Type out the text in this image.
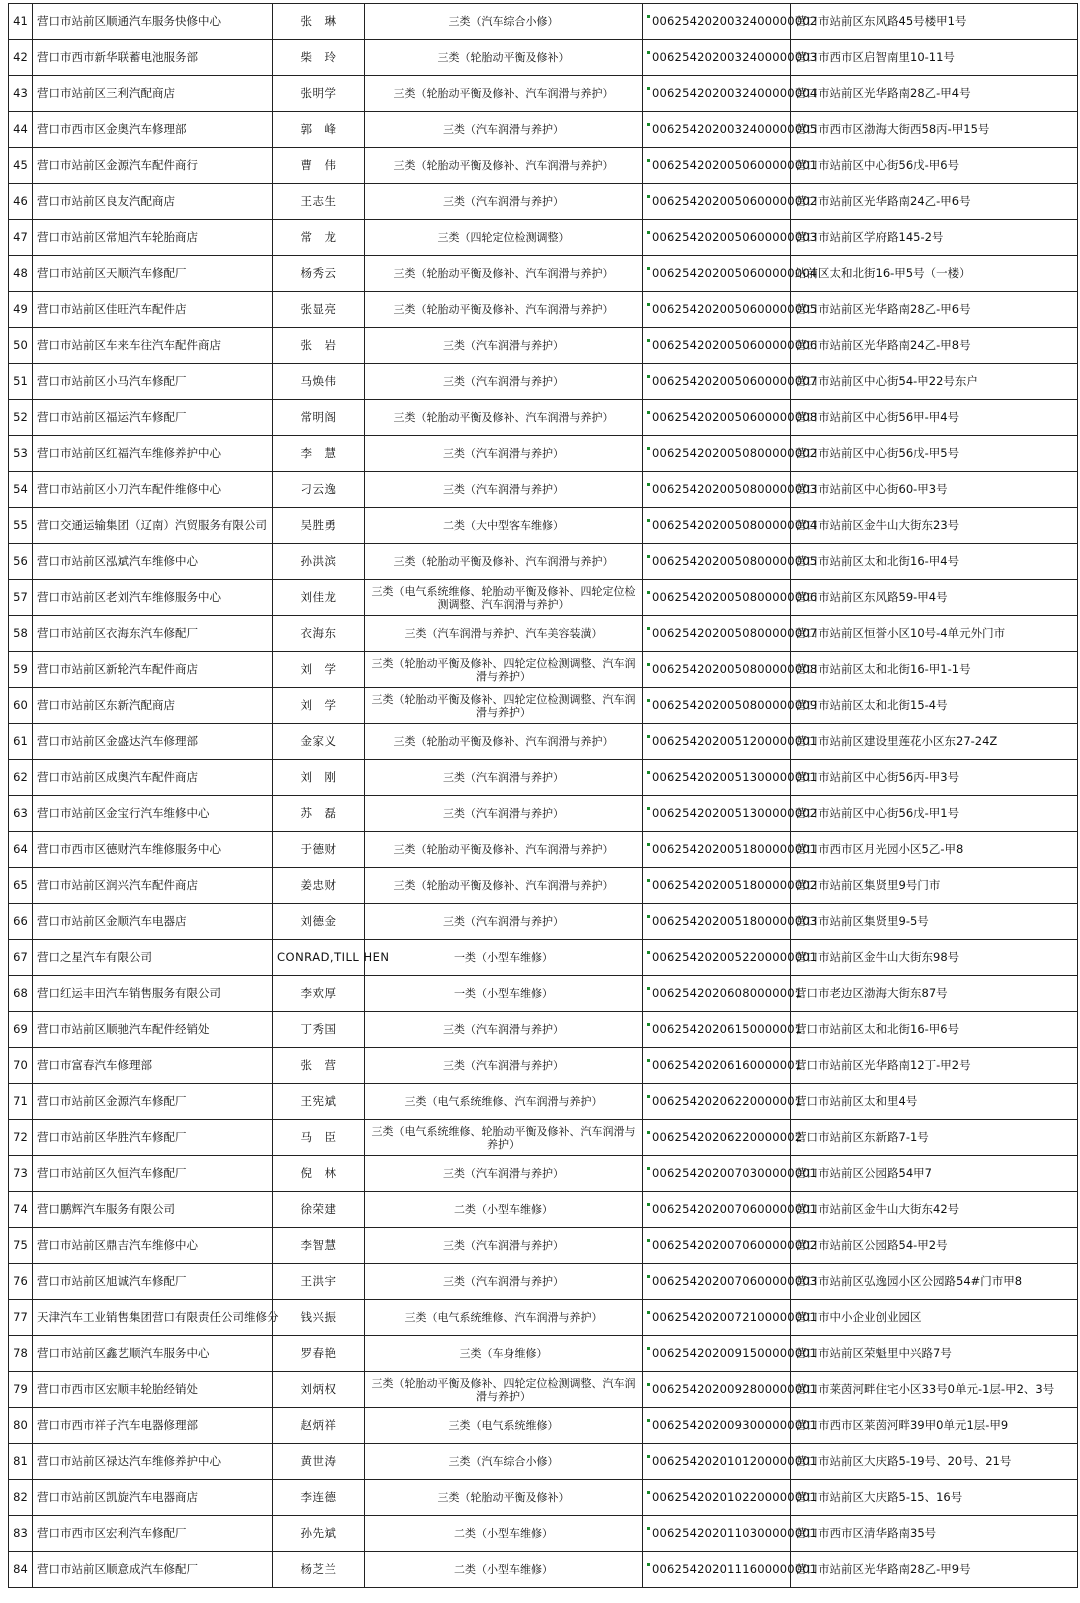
41	营口市站前区顺通汽车服务快修中心	张　琳	三类（汽车综合小修）	0062542020032400000002	营口市站前区东风路45号楼甲1号
42	营口市西市新华联蓄电池服务部	柴　玲	三类（轮胎动平衡及修补）	0062542020032400000003	营口市西市区启智南里10-11号
43	营口市站前区三利汽配商店	张明学	三类（轮胎动平衡及修补、汽车润滑与养护）	0062542020032400000004	营口市站前区光华路南28乙-甲4号
44	营口市西市区金奥汽车修理部	郭　峰	三类（汽车润滑与养护）	0062542020032400000005	营口市西市区渤海大街西58丙-甲15号
45	营口市站前区金源汽车配件商行	曹　伟	三类（轮胎动平衡及修补、汽车润滑与养护）	0062542020050600000001	营口市站前区中心街56戊-甲6号
46	营口市站前区良友汽配商店	王志生	三类（汽车润滑与养护）	0062542020050600000002	营口市站前区光华路南24乙-甲6号
47	营口市站前区常旭汽车轮胎商店	常　龙	三类（四轮定位检测调整）	0062542020050600000003	营口市站前区学府路145-2号
48	营口市站前区天顺汽车修配厂	杨秀云	三类（轮胎动平衡及修补、汽车润滑与养护）	0062542020050600000004	站前区太和北街16-甲5号（一楼）
49	营口市站前区佳旺汽车配件店	张显亮	三类（轮胎动平衡及修补、汽车润滑与养护）	0062542020050600000005	营口市站前区光华路南28乙-甲6号
50	营口市站前区车来车往汽车配件商店	张　岩	三类（汽车润滑与养护）	0062542020050600000006	营口市站前区光华路南24乙-甲8号
51	营口市站前区小马汽车修配厂	马焕伟	三类（汽车润滑与养护）	0062542020050600000007	营口市站前区中心街54-甲22号东户
52	营口市站前区福运汽车修配厂	常明阁	三类（轮胎动平衡及修补、汽车润滑与养护）	0062542020050600000008	营口市站前区中心街56甲-甲4号
53	营口市站前区红福汽车维修养护中心	李　慧	三类（汽车润滑与养护）	0062542020050800000002	营口市站前区中心街56戊-甲5号
54	营口市站前区小刀汽车配件维修中心	刁云逸	三类（汽车润滑与养护）	0062542020050800000003	营口市站前区中心街60-甲3号
55	营口交通运输集团（辽南）汽贸服务有限公司	吴胜勇	二类（大中型客车维修）	0062542020050800000004	营口市站前区金牛山大街东23号
56	营口市站前区泓斌汽车维修中心	孙洪滨	三类（轮胎动平衡及修补、汽车润滑与养护）	0062542020050800000005	营口市站前区太和北街16-甲4号
57	营口市站前区老刘汽车维修服务中心	刘佳龙	三类（电气系统维修、轮胎动平衡及修补、四轮定位检测调整、汽车润滑与养护）	0062542020050800000006	营口市站前区东风路59-甲4号
58	营口市站前区衣海东汽车修配厂	衣海东	三类（汽车润滑与养护、汽车美容装潢）	0062542020050800000007	营口市站前区恒誉小区10号-4单元外门市
59	营口市站前区新轮汽车配件商店	刘　学	三类（轮胎动平衡及修补、四轮定位检测调整、汽车润滑与养护）	0062542020050800000008	营口市站前区太和北街16-甲1-1号
60	营口市站前区东新汽配商店	刘　学	三类（轮胎动平衡及修补、四轮定位检测调整、汽车润滑与养护）	0062542020050800000009	营口市站前区太和北街15-4号
61	营口市站前区金盛达汽车修理部	金家义	三类（轮胎动平衡及修补、汽车润滑与养护）	0062542020051200000001	营口市站前区建设里莲花小区东27-24Z
62	营口市站前区成奥汽车配件商店	刘　刚	三类（汽车润滑与养护）	0062542020051300000001	营口市站前区中心街56丙-甲3号
63	营口市站前区金宝行汽车维修中心	苏　磊	三类（汽车润滑与养护）	0062542020051300000002	营口市站前区中心街56戊-甲1号
64	营口市西市区德财汽车维修服务中心	于德财	三类（轮胎动平衡及修补、汽车润滑与养护）	0062542020051800000001	营口市西市区月光园小区5乙-甲8
65	营口市站前区润兴汽车配件商店	姜忠财	三类（轮胎动平衡及修补、汽车润滑与养护）	0062542020051800000002	营口市站前区集贤里9号门市
66	营口市站前区金顺汽车电器店	刘德金	三类（汽车润滑与养护）	0062542020051800000003	营口市站前区集贤里9-5号
67	营口之星汽车有限公司	CONRAD,TILL HEN	一类（小型车维修）	0062542020052200000001	营口市站前区金牛山大街东98号
68	营口红运丰田汽车销售服务有限公司	李欢厚	一类（小型车维修）	00625420206080000001	营口市老边区渤海大街东87号
69	营口市站前区顺驰汽车配件经销处	丁秀国	三类（汽车润滑与养护）	00625420206150000001	营口市站前区太和北街16-甲6号
70	营口市富春汽车修理部	张　营	三类（汽车润滑与养护）	00625420206160000001	营口市站前区光华路南12丁-甲2号
71	营口市站前区金源汽车修配厂	王宪斌	三类（电气系统维修、汽车润滑与养护）	00625420206220000001	营口市站前区太和里4号
72	营口市站前区华胜汽车修配厂	马　臣	三类（电气系统维修、轮胎动平衡及修补、汽车润滑与养护）	00625420206220000002	营口市站前区东新路7-1号
73	营口市站前区久恒汽车修配厂	倪　林	三类（汽车润滑与养护）	0062542020070300000001	营口市站前区公园路54甲7
74	营口鹏辉汽车服务有限公司	徐荣建	二类（小型车维修）	0062542020070600000001	营口市站前区金牛山大街东42号
75	营口市站前区鼎吉汽车维修中心	李智慧	三类（汽车润滑与养护）	0062542020070600000002	营口市站前区公园路54-甲2号
76	营口市站前区旭诚汽车修配厂	王洪宇	三类（汽车润滑与养护）	0062542020070600000003	营口市站前区弘逸园小区公园路54#门市甲8
77	天津汽车工业销售集团营口有限责任公司维修分	钱兴振	三类（电气系统维修、汽车润滑与养护）	0062542020072100000001	营口市中小企业创业园区
78	营口市站前区鑫艺顺汽车服务中心	罗春艳	三类（车身维修）	0062542020091500000001	营口市站前区荣魁里中兴路7号
79	营口市西市区宏顺丰轮胎经销处	刘炳权	三类（轮胎动平衡及修补、四轮定位检测调整、汽车润滑与养护）	0062542020092800000001	营口市莱茵河畔住宅小区33号0单元-1层-甲2、3号
80	营口市西市祥子汽车电器修理部	赵炳祥	三类（电气系统维修）	0062542020093000000001	营口市西市区莱茵河畔39甲0单元1层-甲9
81	营口市站前区禄达汽车维修养护中心	黄世涛	三类（汽车综合小修）	0062542020101200000001	营口市站前区大庆路5-19号、20号、21号
82	营口市站前区凯旋汽车电器商店	李连德	三类（轮胎动平衡及修补）	0062542020102200000001	营口市站前区大庆路5-15、16号
83	营口市西市区宏利汽车修配厂	孙先斌	二类（小型车维修）	0062542020110300000001	营口市西市区清华路南35号
84	营口市站前区顺意成汽车修配厂	杨芝兰	二类（小型车维修）	0062542020111600000001	营口市站前区光华路南28乙-甲9号
